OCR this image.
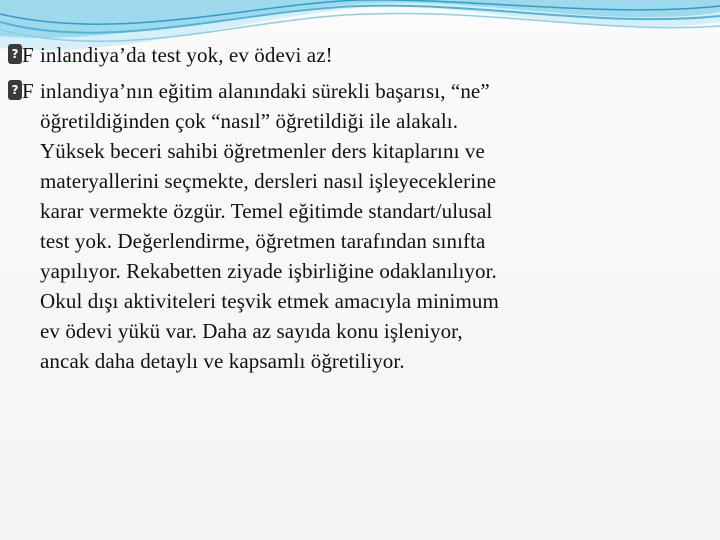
? F inlandiya’da test yok, ev ödevi az!

? F inlandiya’nın eğitim alanındaki sürekli başarısı, “ne”
öğretildiğinden çok “nasıl” öğretildiği ile alakalı.
Yüksek beceri sahibi öğretmenler ders kitaplarını ve
materyallerini seçmekte, dersleri nasıl işleyeceklerine
karar vermekte özgür. Temel eğitimde standart/ulusal
test yok. Değerlendirme, öğretmen tarafından sınıfta
yapılıyor. Rekabetten ziyade işbirliğine odaklanılıyor.
Okul dışı aktiviteleri teşvik etmek amacıyla minimum
ev ödevi yükü var. Daha az sayıda konu işleniyor,
ancak daha detaylı ve kapsamlı öğretiliyor.
